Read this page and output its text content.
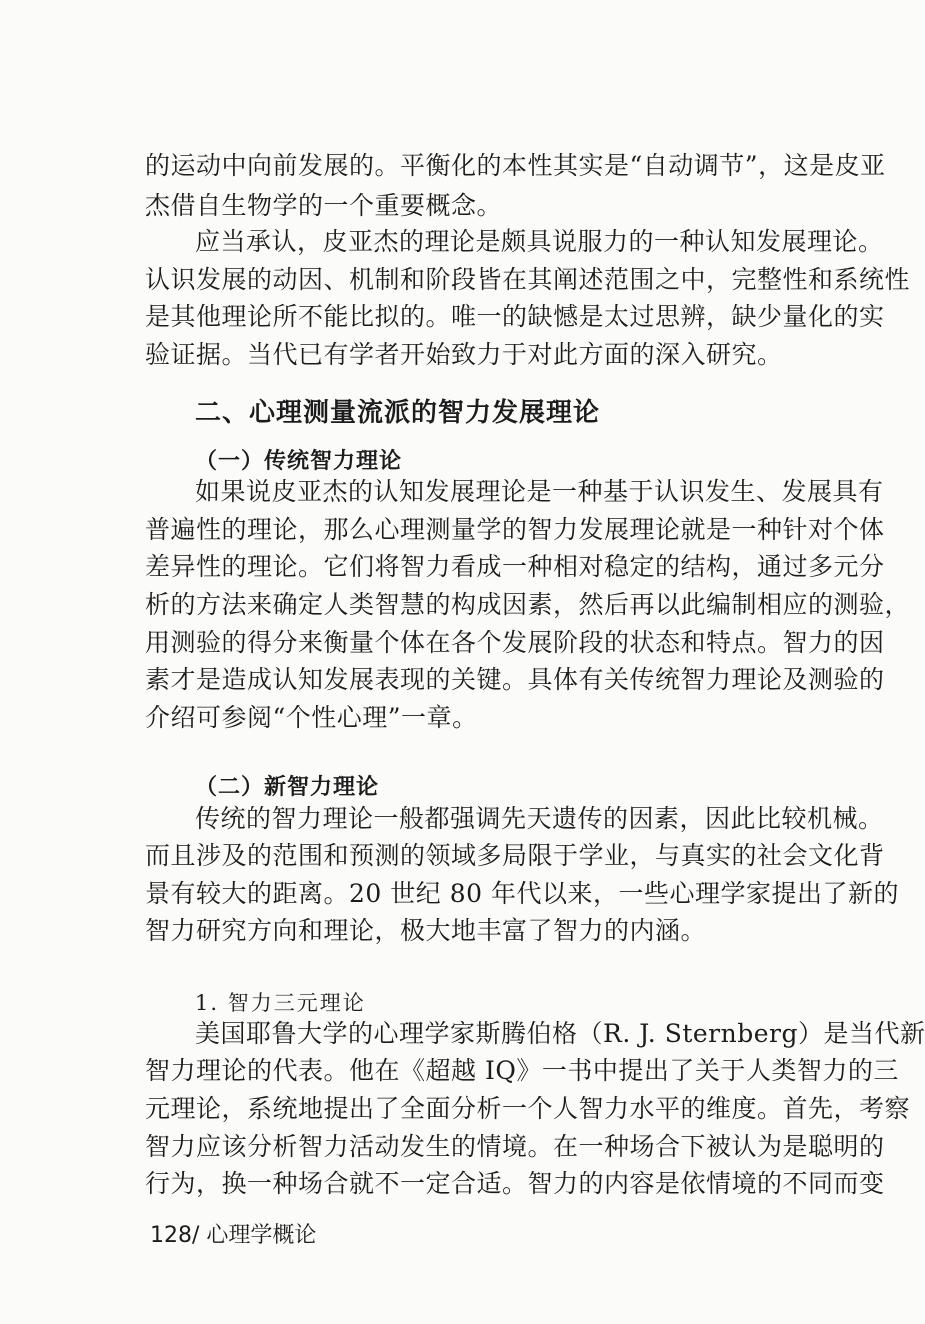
的运动中向前发展的。平衡化的本性其实是“自动调节”，这是皮亚
杰借自生物学的一个重要概念。
应当承认，皮亚杰的理论是颇具说服力的一种认知发展理论。
认识发展的动因、机制和阶段皆在其阐述范围之中，完整性和系统性
是其他理论所不能比拟的。唯一的缺憾是太过思辨，缺少量化的实
验证据。当代已有学者开始致力于对此方面的深入研究。
二、心理测量流派的智力发展理论
（一）传统智力理论
如果说皮亚杰的认知发展理论是一种基于认识发生、发展具有
普遍性的理论，那么心理测量学的智力发展理论就是一种针对个体
差异性的理论。它们将智力看成一种相对稳定的结构，通过多元分
析的方法来确定人类智慧的构成因素，然后再以此编制相应的测验，
用测验的得分来衡量个体在各个发展阶段的状态和特点。智力的因
素才是造成认知发展表现的关键。具体有关传统智力理论及测验的
介绍可参阅“个性心理”一章。
（二）新智力理论
传统的智力理论一般都强调先天遗传的因素，因此比较机械。
而且涉及的范围和预测的领域多局限于学业，与真实的社会文化背
景有较大的距离。20 世纪 80 年代以来，一些心理学家提出了新的
智力研究方向和理论，极大地丰富了智力的内涵。
1. 智力三元理论
美国耶鲁大学的心理学家斯腾伯格（R. J. Sternberg）是当代新
智力理论的代表。他在《超越 IQ》一书中提出了关于人类智力的三
元理论，系统地提出了全面分析一个人智力水平的维度。首先，考察
智力应该分析智力活动发生的情境。在一种场合下被认为是聪明的
行为，换一种场合就不一定合适。智力的内容是依情境的不同而变
128/ 心理学概论
